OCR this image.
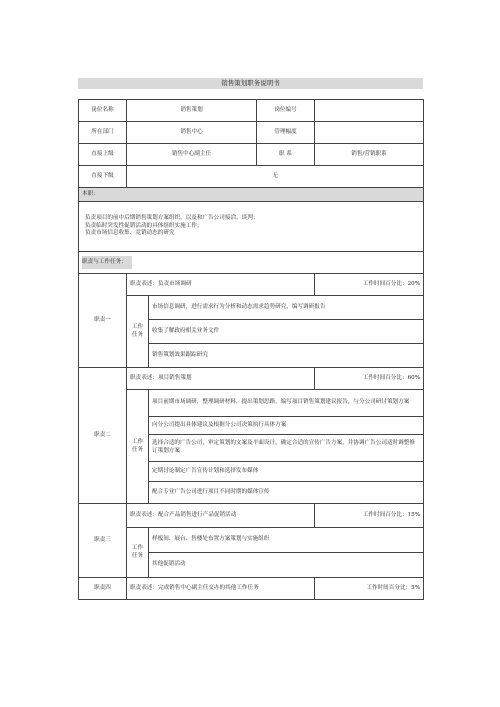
销售策划职务说明书
岗位名称	销售策划		岗位编号	
所在部门	销售中心		管理幅度	
直接上级	销售中心副主任		职 系	销售/营销职系
直接下级	无			
本职：				

负责项目的前中后期销售策划方案组织，以及和广告公司接洽、谈判；
负责临时突发性促销活动的具体组织实施工作；
负责市场信息收集、竞销动态的研究				

职责与工作任务：				
职责一	职责表述：负责市场调研			工作时间百分比：20%
	工作任务	市场信息调研，进行需求行为分析和动态需求趋势研究，编写调研报告		
		收集了解政府相关业务文件		
		销售策划效果跟踪研究		
职责二	职责表述：项目销售策划			工作时间百分比：60%
	工作任务	项目前期市场调研，整理调研材料，提出策划思路，编写项目销售策划建议报告，与分公司研讨策划方案		
		向分公司提出具体建议及根据分公司决策执行具体方案		
		选择合适的广告公司，审定策划的文案及平面设计，确定合适的宣传广告方案，并协调广告公司适时调整修订策划方案		
		定期讨论制定广告宣传计划和选择发布媒体		
		配合专业广告公司进行项目不同时期的媒体宣传		
职责三	职责表述：配合产品销售进行产品促销活动			工作时间百分比：15%
	工作任务	样板间、展台、售楼处布置方案策划与实施组织		
		其他促销活动		
职责四	职责表述：完成销售中心副主任交办的其他工作任务			工作时间百分比：5%
